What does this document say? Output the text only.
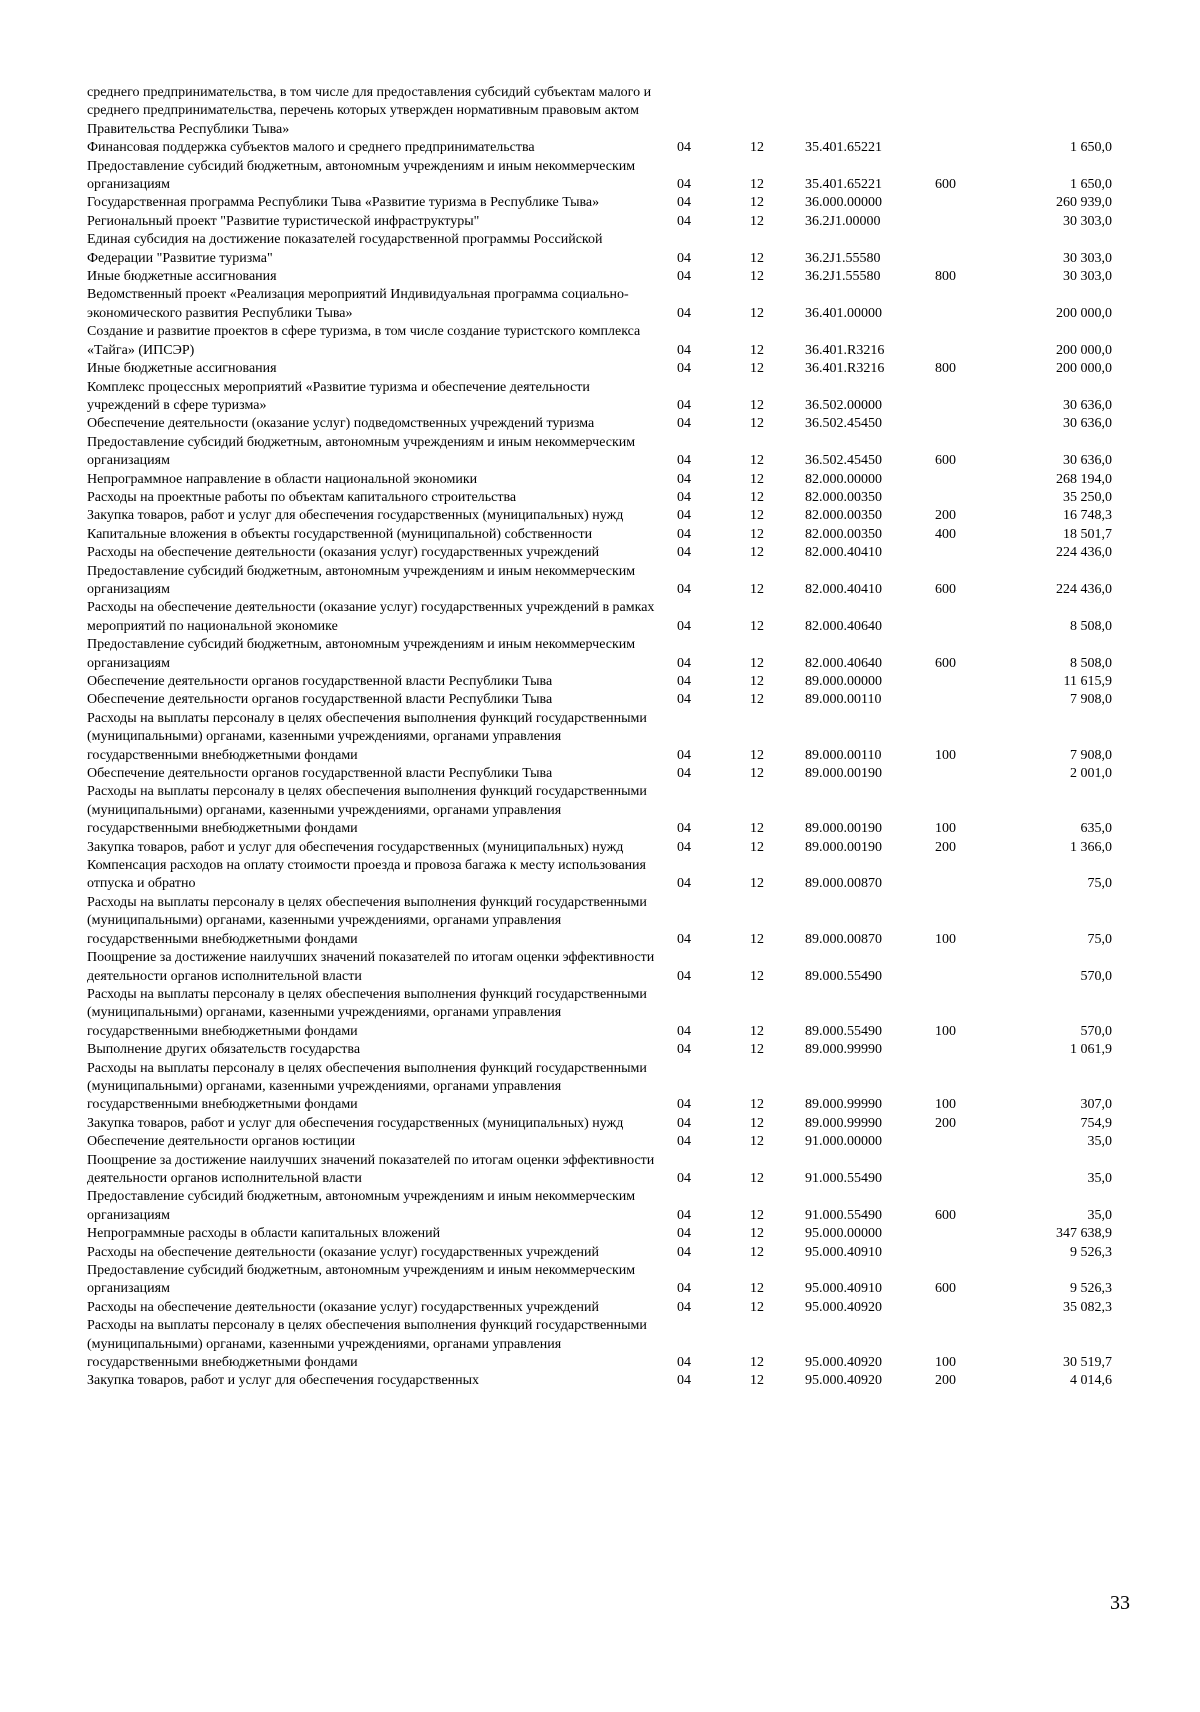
среднего предпринимательства, в том числе для предоставления субсидий субъектам малого и среднего предпринимательства, перечень которых утвержден нормативным правовым актом Правительства Республики Тыва»					
Финансовая поддержка субъектов малого и среднего предпринимательства	04	12	35.401.65221		1 650,0
Предоставление субсидий бюджетным, автономным учреждениям и иным некоммерческим организациям	04	12	35.401.65221	600	1 650,0
Государственная программа Республики Тыва «Развитие туризма в Республике Тыва»	04	12	36.000.00000		260 939,0
Региональный проект "Развитие туристической инфраструктуры"	04	12	36.2J1.00000		30 303,0
Единая субсидия на достижение показателей государственной программы Российской Федерации "Развитие туризма"	04	12	36.2J1.55580		30 303,0
Иные бюджетные ассигнования	04	12	36.2J1.55580	800	30 303,0
Ведомственный проект «Реализация мероприятий Индивидуальная программа социально-экономического развития Республики Тыва»	04	12	36.401.00000		200 000,0
Создание и развитие проектов в сфере туризма, в том числе создание туристского комплекса «Тайга» (ИПСЭР)	04	12	36.401.R3216		200 000,0
Иные бюджетные ассигнования	04	12	36.401.R3216	800	200 000,0
Комплекс процессных мероприятий «Развитие туризма и обеспечение деятельности учреждений в сфере туризма»	04	12	36.502.00000		30 636,0
Обеспечение деятельности (оказание услуг) подведомственных учреждений туризма	04	12	36.502.45450		30 636,0
Предоставление субсидий бюджетным, автономным учреждениям и иным некоммерческим организациям	04	12	36.502.45450	600	30 636,0
Непрограммное направление в области национальной экономики	04	12	82.000.00000		268 194,0
Расходы на проектные работы по объектам капитального строительства	04	12	82.000.00350		35 250,0
Закупка товаров, работ и услуг для обеспечения государственных (муниципальных) нужд	04	12	82.000.00350	200	16 748,3
Капитальные вложения в объекты государственной (муниципальной) собственности	04	12	82.000.00350	400	18 501,7
Расходы на обеспечение деятельности (оказания услуг) государственных учреждений	04	12	82.000.40410		224 436,0
Предоставление субсидий бюджетным, автономным учреждениям и иным некоммерческим организациям	04	12	82.000.40410	600	224 436,0
Расходы на обеспечение деятельности (оказание услуг) государственных учреждений в рамках мероприятий по национальной экономике	04	12	82.000.40640		8 508,0
Предоставление субсидий бюджетным, автономным учреждениям и иным некоммерческим организациям	04	12	82.000.40640	600	8 508,0
Обеспечение деятельности органов государственной власти Республики Тыва	04	12	89.000.00000		11 615,9
Обеспечение деятельности органов государственной власти Республики Тыва	04	12	89.000.00110		7 908,0
Расходы на выплаты персоналу в целях обеспечения выполнения функций государственными (муниципальными) органами, казенными учреждениями, органами управления государственными внебюджетными фондами	04	12	89.000.00110	100	7 908,0
Обеспечение деятельности органов государственной власти Республики Тыва	04	12	89.000.00190		2 001,0
Расходы на выплаты персоналу в целях обеспечения выполнения функций государственными (муниципальными) органами, казенными учреждениями, органами управления государственными внебюджетными фондами	04	12	89.000.00190	100	635,0
Закупка товаров, работ и услуг для обеспечения государственных (муниципальных) нужд	04	12	89.000.00190	200	1 366,0
Компенсация расходов на оплату стоимости проезда и провоза багажа к месту использования отпуска и обратно	04	12	89.000.00870		75,0
Расходы на выплаты персоналу в целях обеспечения выполнения функций государственными (муниципальными) органами, казенными учреждениями, органами управления государственными внебюджетными фондами	04	12	89.000.00870	100	75,0
Поощрение за достижение наилучших значений показателей по итогам оценки эффективности деятельности органов исполнительной власти	04	12	89.000.55490		570,0
Расходы на выплаты персоналу в целях обеспечения выполнения функций государственными (муниципальными) органами, казенными учреждениями, органами управления государственными внебюджетными фондами	04	12	89.000.55490	100	570,0
Выполнение других обязательств государства	04	12	89.000.99990		1 061,9
Расходы на выплаты персоналу в целях обеспечения выполнения функций государственными (муниципальными) органами, казенными учреждениями, органами управления государственными внебюджетными фондами	04	12	89.000.99990	100	307,0
Закупка товаров, работ и услуг для обеспечения государственных (муниципальных) нужд	04	12	89.000.99990	200	754,9
Обеспечение деятельности органов юстиции	04	12	91.000.00000		35,0
Поощрение за достижение наилучших значений показателей по итогам оценки эффективности деятельности органов исполнительной власти	04	12	91.000.55490		35,0
Предоставление субсидий бюджетным, автономным учреждениям и иным некоммерческим организациям	04	12	91.000.55490	600	35,0
Непрограммные расходы в области капитальных вложений	04	12	95.000.00000		347 638,9
Расходы на обеспечение деятельности (оказание услуг) государственных учреждений	04	12	95.000.40910		9 526,3
Предоставление субсидий бюджетным, автономным учреждениям и иным некоммерческим организациям	04	12	95.000.40910	600	9 526,3
Расходы на обеспечение деятельности (оказание услуг) государственных учреждений	04	12	95.000.40920		35 082,3
Расходы на выплаты персоналу в целях обеспечения выполнения функций государственными (муниципальными) органами, казенными учреждениями, органами управления государственными внебюджетными фондами	04	12	95.000.40920	100	30 519,7
Закупка товаров, работ и услуг для обеспечения государственных	04	12	95.000.40920	200	4 014,6
33
